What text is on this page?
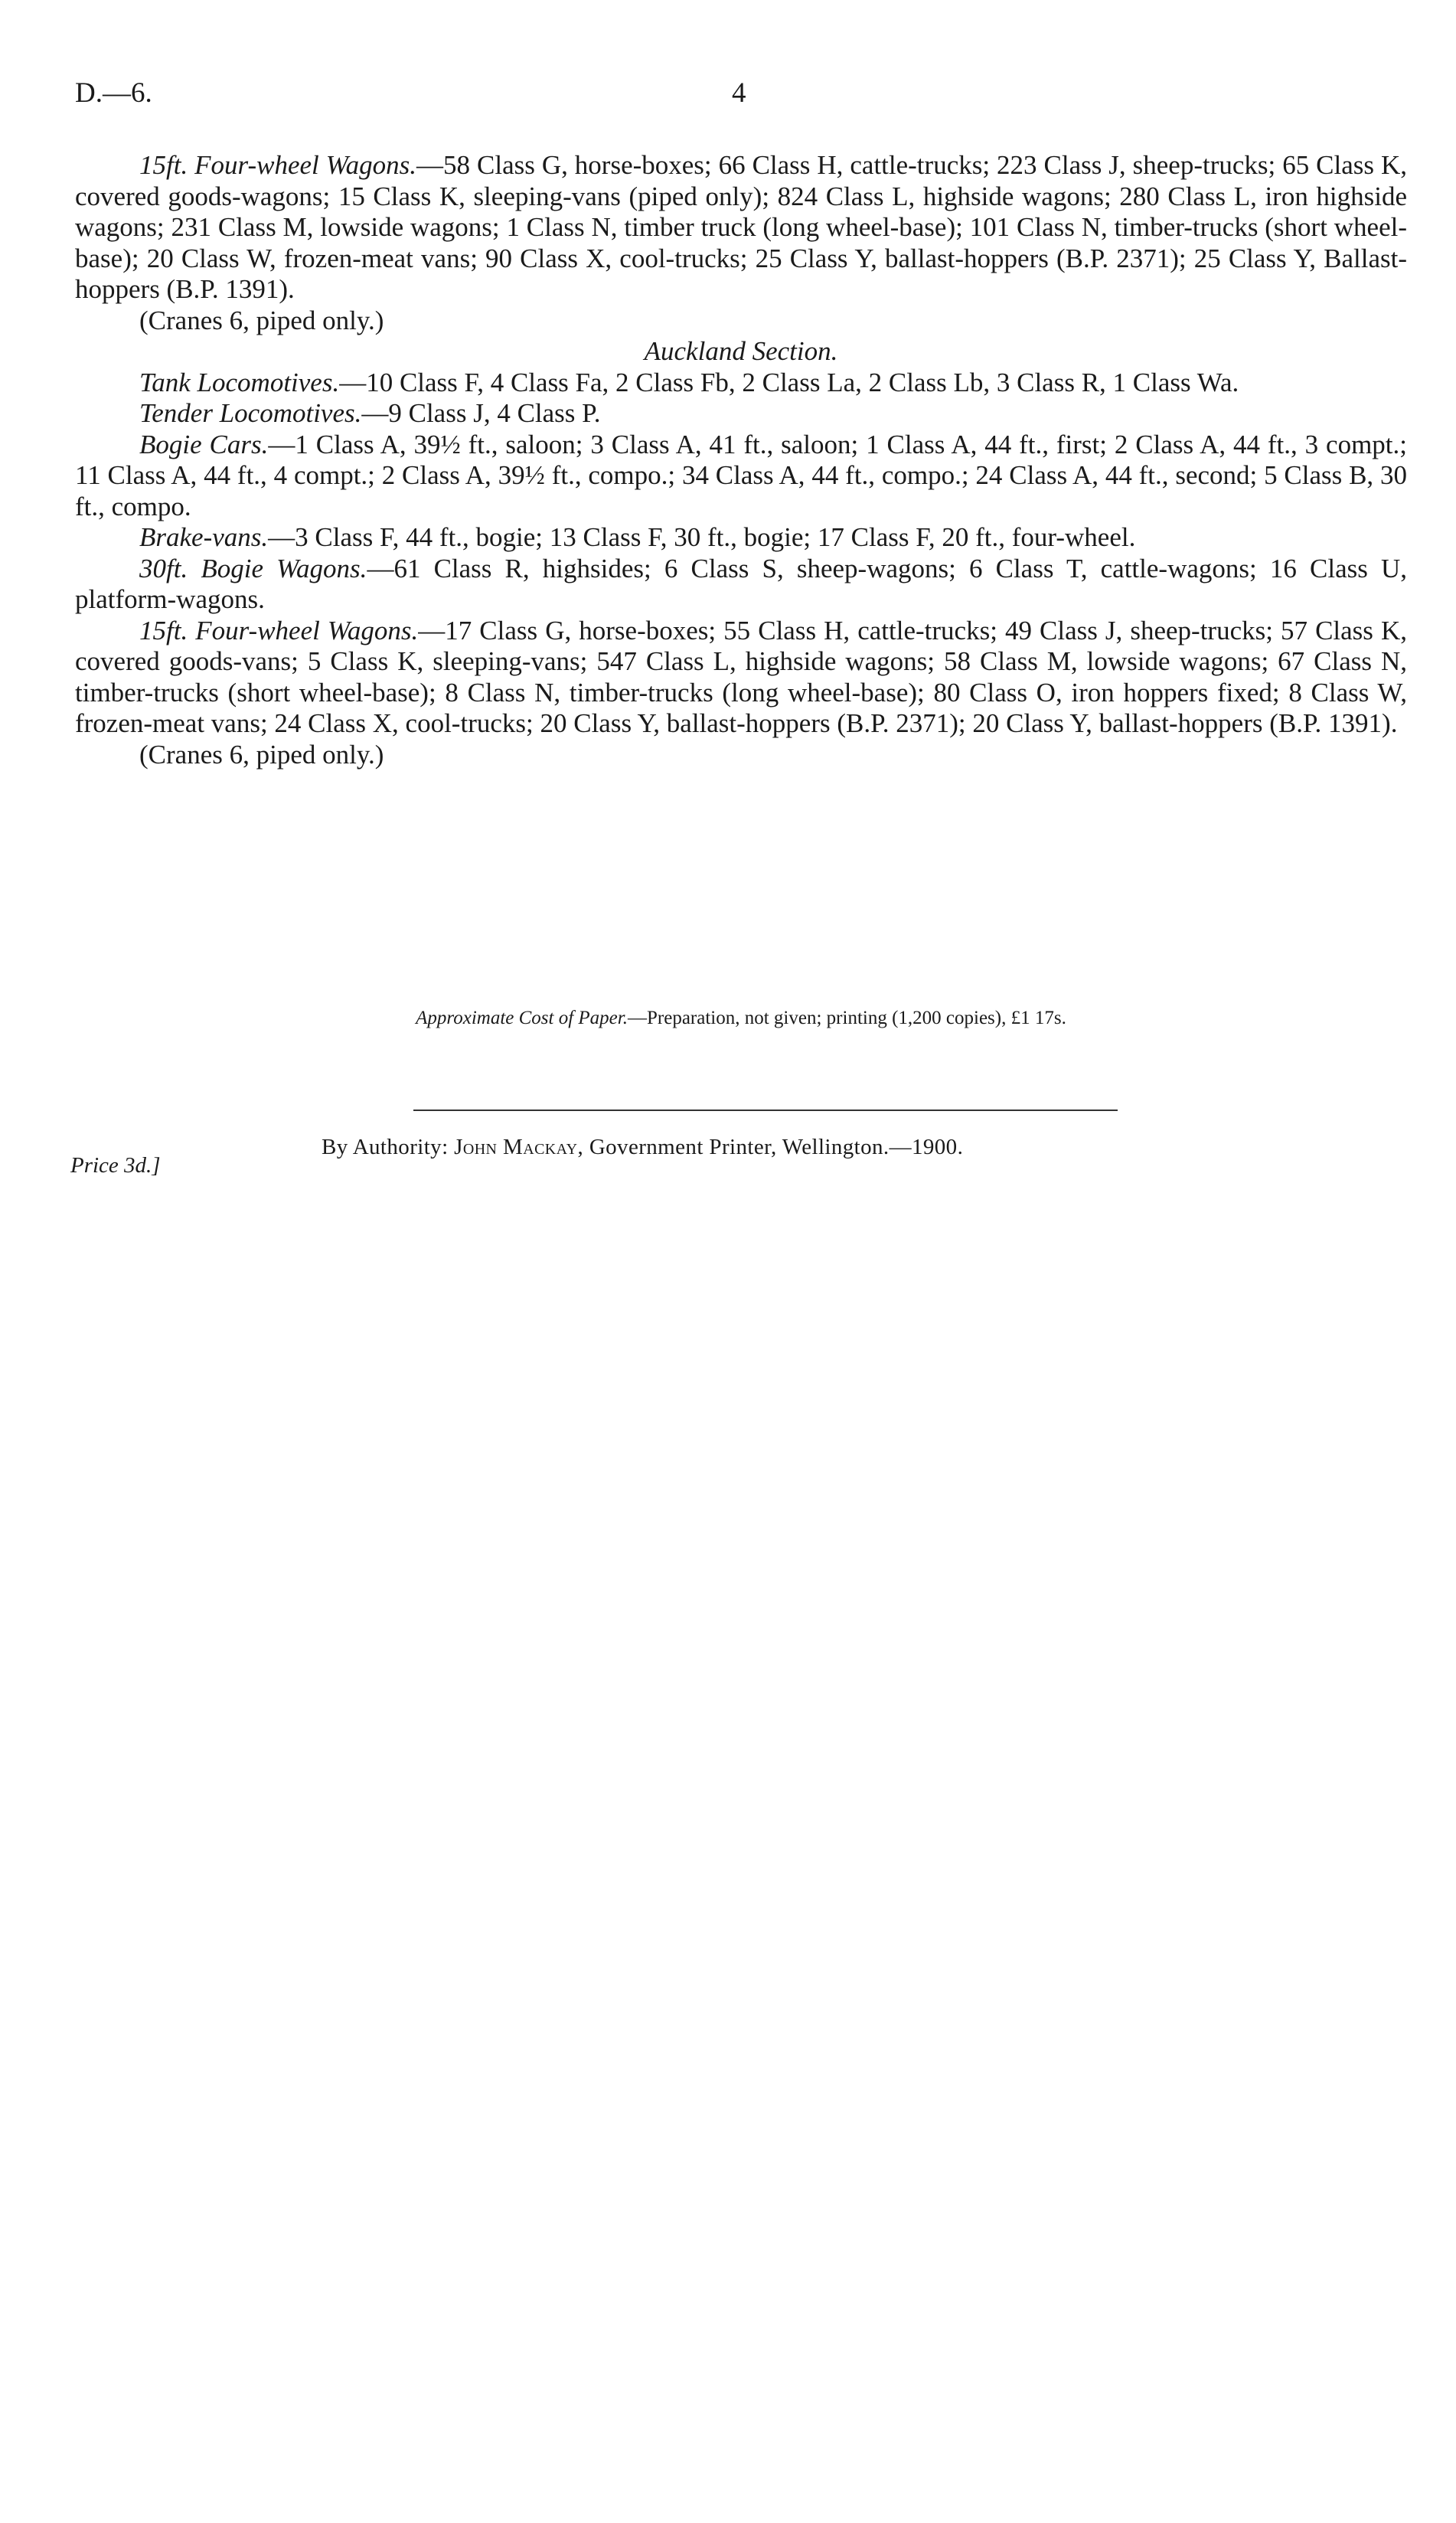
D.—6.	4

15ft. Four-wheel Wagons.—58 Class G, horse-boxes; 66 Class H, cattle-trucks; 223 Class J, sheep-trucks; 65 Class K, covered goods-wagons; 15 Class K, sleeping-vans (piped only); 824 Class L, highside wagons; 280 Class L, iron highside wagons; 231 Class M, lowside wagons; 1 Class N, timber truck (long wheel-base); 101 Class N, timber-trucks (short wheel-base); 20 Class W, frozen-meat vans; 90 Class X, cool-trucks; 25 Class Y, ballast-hoppers (B.P. 2371); 25 Class Y, Ballast-hoppers (B.P. 1391).

(Cranes 6, piped only.)

Auckland Section.

Tank Locomotives.—10 Class F, 4 Class Fa, 2 Class Fb, 2 Class La, 2 Class Lb, 3 Class R, 1 Class Wa.

Tender Locomotives.—9 Class J, 4 Class P.

Bogie Cars.—1 Class A, 39½ ft., saloon; 3 Class A, 41 ft., saloon; 1 Class A, 44 ft., first; 2 Class A, 44 ft., 3 compt.; 11 Class A, 44 ft., 4 compt.; 2 Class A, 39½ ft., compo.; 34 Class A, 44 ft., compo.; 24 Class A, 44 ft., second; 5 Class B, 30 ft., compo.

Brake-vans.—3 Class F, 44 ft., bogie; 13 Class F, 30 ft., bogie; 17 Class F, 20 ft., four-wheel.

30ft. Bogie Wagons.—61 Class R, highsides; 6 Class S, sheep-wagons; 6 Class T, cattle-wagons; 16 Class U, platform-wagons.

15ft. Four-wheel Wagons.—17 Class G, horse-boxes; 55 Class H, cattle-trucks; 49 Class J, sheep-trucks; 57 Class K, covered goods-vans; 5 Class K, sleeping-vans; 547 Class L, highside wagons; 58 Class M, lowside wagons; 67 Class N, timber-trucks (short wheel-base); 8 Class N, timber-trucks (long wheel-base); 80 Class O, iron hoppers fixed; 8 Class W, frozen-meat vans; 24 Class X, cool-trucks; 20 Class Y, ballast-hoppers (B.P. 2371); 20 Class Y, ballast-hoppers (B.P. 1391).

(Cranes 6, piped only.)

Approximate Cost of Paper.—Preparation, not given; printing (1,200 copies), £1 17s.
Price 3d.]
By Authority: John Mackay, Government Printer, Wellington.—1900.
